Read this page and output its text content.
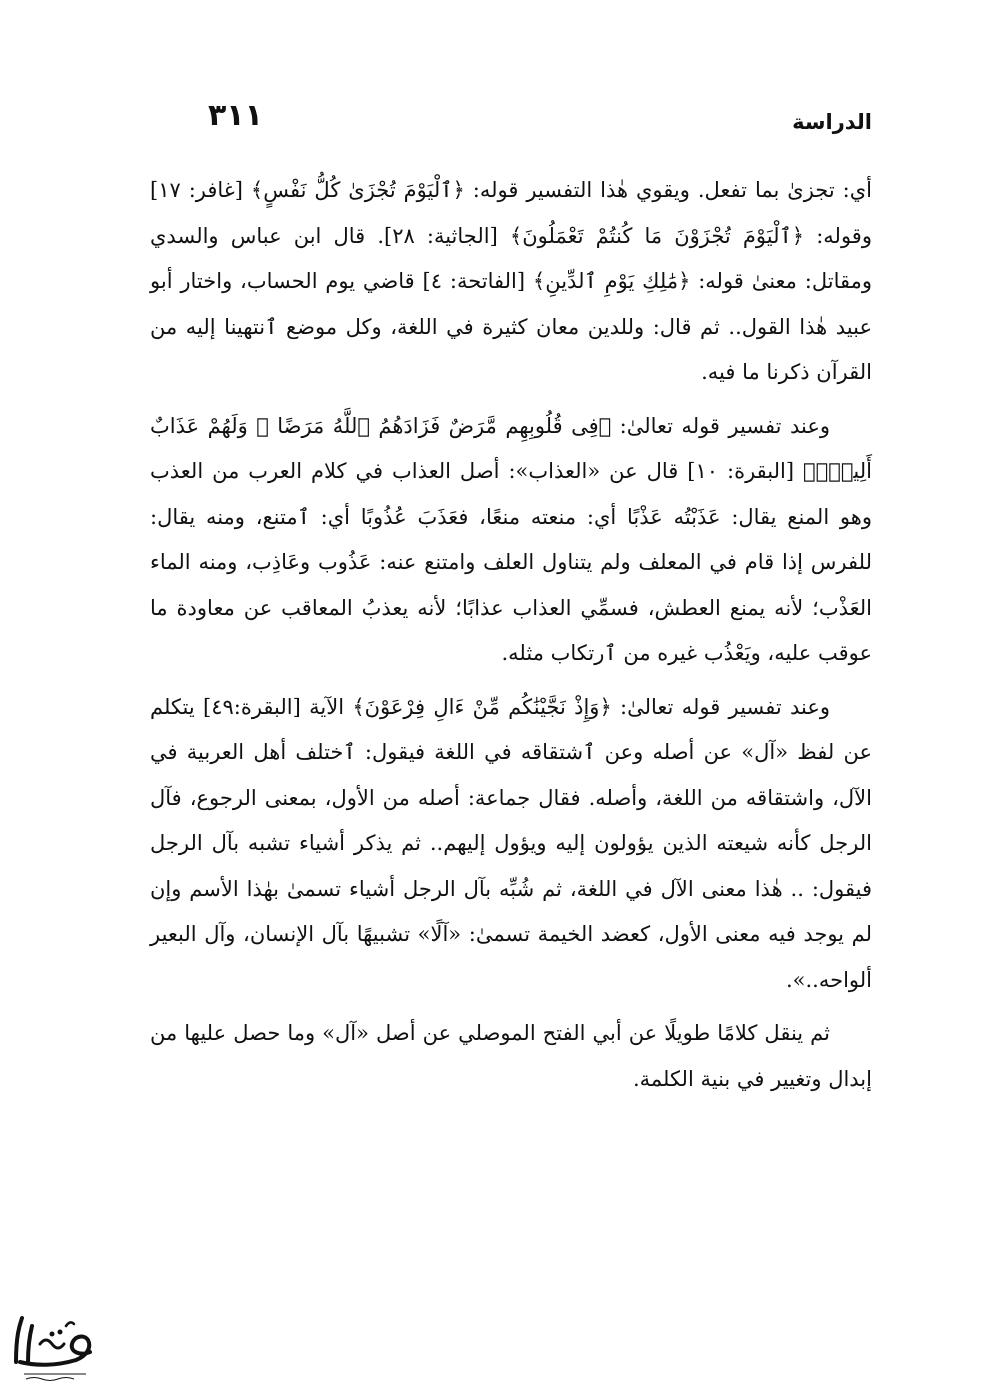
٣١١	الدراسة

أي: تجزىٰ بما تفعل. ويقوي هٰذا التفسير قوله: ﴿ٱلْيَوْمَ تُجْزَىٰ كُلُّ نَفْسٍ﴾ [غافر: ١٧] وقوله: ﴿ٱلْيَوْمَ تُجْزَوْنَ مَا كُنتُمْ تَعْمَلُونَ﴾ [الجاثية: ٢٨]. قال ابن عباس والسدي ومقاتل: معنىٰ قوله: ﴿مَٰلِكِ يَوْمِ ٱلدِّينِ﴾ [الفاتحة: ٤] قاضي يوم الحساب، واختار أبو عبيد هٰذا القول.. ثم قال: وللدين معان كثيرة في اللغة، وكل موضع ٱنتهينا إليه من القرآن ذكرنا ما فيه.

وعند تفسير قوله تعالىٰ: ﴿فِى قُلُوبِهِم مَّرَضٌ فَزَادَهُمُ ٱللَّهُ مَرَضًا ۖ وَلَهُمْ عَذَابٌ أَلِيمٌۢ﴾ [البقرة: ١٠] قال عن «العذاب»: أصل العذاب في كلام العرب من العذب وهو المنع يقال: عَذَبْتُه عَذْبًا أي: منعته منعًا، فعَذَبَ عُذُوبًا أي: ٱمتنع، ومنه يقال: للفرس إذا قام في المعلف ولم يتناول العلف وامتنع عنه: عَذُوب وعَاذِب، ومنه الماء العَذْب؛ لأنه يمنع العطش، فسمِّي العذاب عذابًا؛ لأنه يعذبُ المعاقب عن معاودة ما عوقب عليه، ويَعْذُب غيره من ٱرتكاب مثله.

وعند تفسير قوله تعالىٰ: ﴿وَإِذْ نَجَّيْنَٰكُم مِّنْ ءَالِ فِرْعَوْنَ﴾ الآية [البقرة:٤٩] يتكلم عن لفظ «آل» عن أصله وعن ٱشتقاقه في اللغة فيقول: ٱختلف أهل العربية في الآل، واشتقاقه من اللغة، وأصله. فقال جماعة: أصله من الأول، بمعنى الرجوع، فآل الرجل كأنه شيعته الذين يؤولون إليه ويؤول إليهم.. ثم يذكر أشياء تشبه بآل الرجل فيقول: .. هٰذا معنى الآل في اللغة، ثم شُبِّه بآل الرجل أشياء تسمىٰ بهٰذا الأسم وإن لم يوجد فيه معنى الأول، كعضد الخيمة تسمىٰ: «آلًا» تشبيهًا بآل الإنسان، وآل البعير ألواحه..».

ثم ينقل كلامًا طويلًا عن أبي الفتح الموصلي عن أصل «آل» وما حصل عليها من إبدال وتغيير في بنية الكلمة.
